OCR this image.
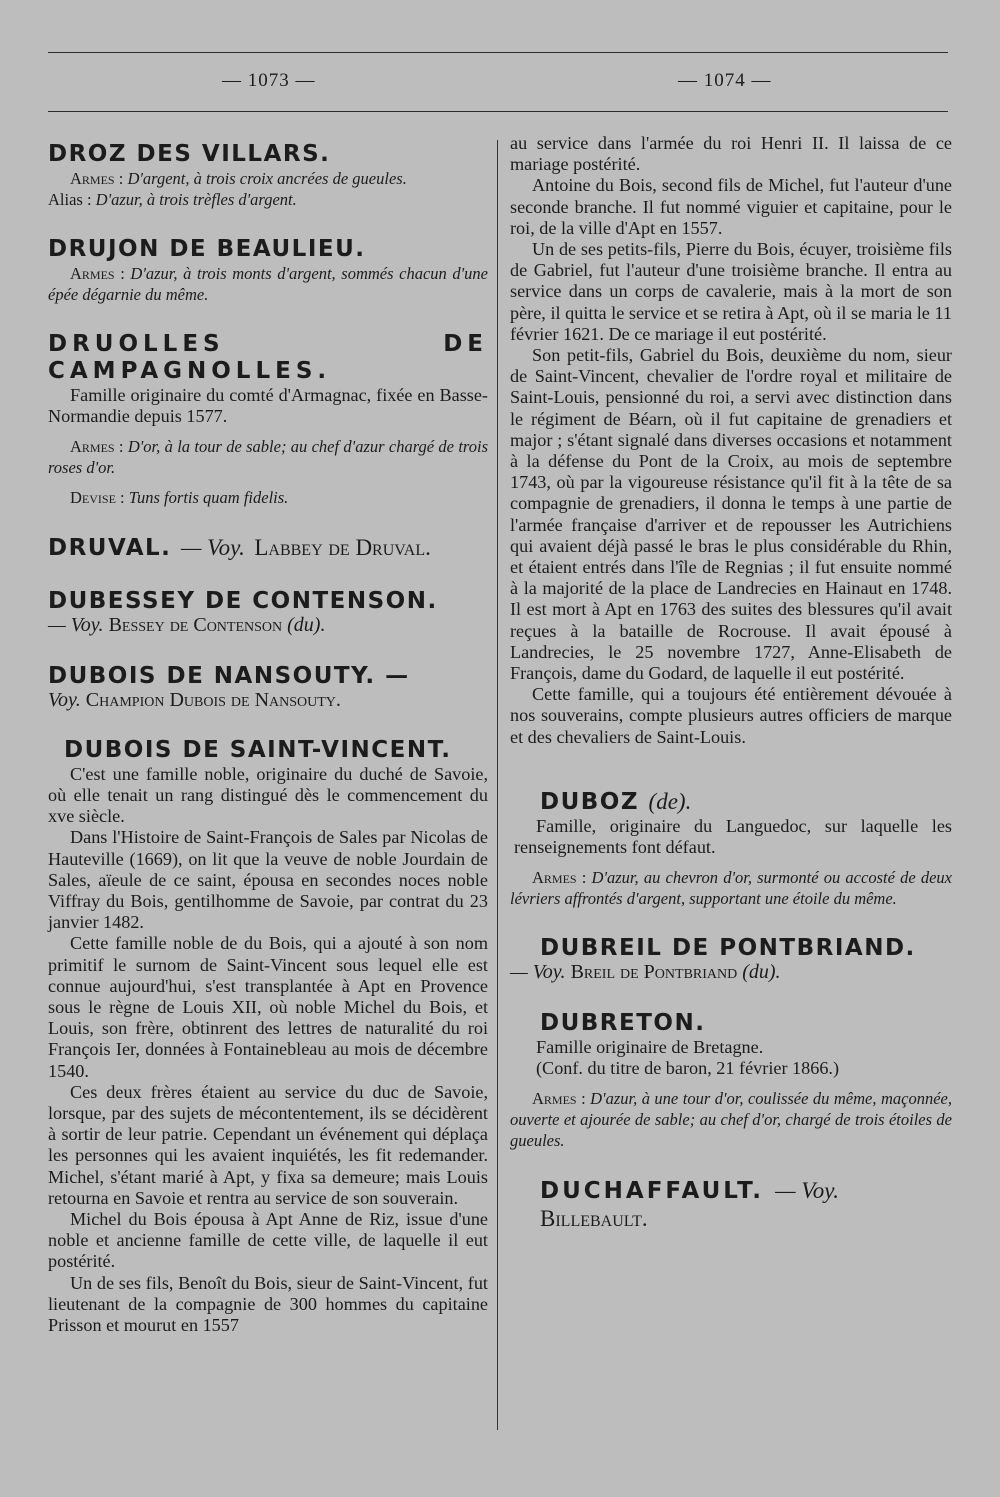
— 1073 —	— 1074 —
DROZ DES VILLARS.

Armes : D'argent, à trois croix ancrées de gueules.

Alias : D'azur, à trois trèfles d'argent.

DRUJON DE BEAULIEU.

Armes : D'azur, à trois monts d'argent, sommés chacun d'une épée dégarnie du même.

DRUOLLES DE CAMPAGNOLLES.

Famille originaire du comté d'Armagnac, fixée en Basse-Normandie depuis 1577.

Armes : D'or, à la tour de sable; au chef d'azur chargé de trois roses d'or.

Devise : Tuns fortis quam fidelis.

DRUVAL. — Voy. Labbey de Druval.
DUBESSEY DE CONTENSON.

— Voy. Bessey de Contenson (du).

DUBOIS DE NANSOUTY. —

Voy. Champion Dubois de Nansouty.

DUBOIS DE SAINT-VINCENT.

C'est une famille noble, originaire du duché de Savoie, où elle tenait un rang distingué dès le commencement du xve siècle.

Dans l'Histoire de Saint-François de Sales par Nicolas de Hauteville (1669), on lit que la veuve de noble Jourdain de Sales, aïeule de ce saint, épousa en secondes noces noble Viffray du Bois, gentilhomme de Savoie, par contrat du 23 janvier 1482.

Cette famille noble de du Bois, qui a ajouté à son nom primitif le surnom de Saint-Vincent sous lequel elle est connue aujourd'hui, s'est transplantée à Apt en Provence sous le règne de Louis XII, où noble Michel du Bois, et Louis, son frère, obtinrent des lettres de naturalité du roi François Ier, données à Fontainebleau au mois de décembre 1540.

Ces deux frères étaient au service du duc de Savoie, lorsque, par des sujets de mécontentement, ils se décidèrent à sortir de leur patrie. Cependant un événement qui déplaça les personnes qui les avaient inquiétés, les fit redemander. Michel, s'étant marié à Apt, y fixa sa demeure; mais Louis retourna en Savoie et rentra au service de son souverain.

Michel du Bois épousa à Apt Anne de Riz, issue d'une noble et ancienne famille de cette ville, de laquelle il eut postérité.

Un de ses fils, Benoît du Bois, sieur de Saint-Vincent, fut lieutenant de la compagnie de 300 hommes du capitaine Prisson et mourut en 1557

au service dans l'armée du roi Henri II. Il laissa de ce mariage postérité.

Antoine du Bois, second fils de Michel, fut l'auteur d'une seconde branche. Il fut nommé viguier et capitaine, pour le roi, de la ville d'Apt en 1557.

Un de ses petits-fils, Pierre du Bois, écuyer, troisième fils de Gabriel, fut l'auteur d'une troisième branche. Il entra au service dans un corps de cavalerie, mais à la mort de son père, il quitta le service et se retira à Apt, où il se maria le 11 février 1621. De ce mariage il eut postérité.

Son petit-fils, Gabriel du Bois, deuxième du nom, sieur de Saint-Vincent, chevalier de l'ordre royal et militaire de Saint-Louis, pensionné du roi, a servi avec distinction dans le régiment de Béarn, où il fut capitaine de grenadiers et major ; s'étant signalé dans diverses occasions et notamment à la défense du Pont de la Croix, au mois de septembre 1743, où par la vigoureuse résistance qu'il fit à la tête de sa compagnie de grenadiers, il donna le temps à une partie de l'armée française d'arriver et de repousser les Autrichiens qui avaient déjà passé le bras le plus considérable du Rhin, et étaient entrés dans l'île de Regnias ; il fut ensuite nommé à la majorité de la place de Landrecies en Hainaut en 1748. Il est mort à Apt en 1763 des suites des blessures qu'il avait reçues à la bataille de Rocrouse. Il avait épousé à Landrecies, le 25 novembre 1727, Anne-Elisabeth de François, dame du Godard, de laquelle il eut postérité.

Cette famille, qui a toujours été entièrement dévouée à nos souverains, compte plusieurs autres officiers de marque et des chevaliers de Saint-Louis.

DUBOZ (de).

Famille, originaire du Languedoc, sur laquelle les renseignements font défaut.

Armes : D'azur, au chevron d'or, surmonté ou accosté de deux lévriers affrontés d'argent, supportant une étoile du même.

DUBREIL DE PONTBRIAND.

— Voy. Breil de Pontbriand (du).

DUBRETON.

Famille originaire de Bretagne.

(Conf. du titre de baron, 21 février 1866.)

Armes : D'azur, à une tour d'or, coulissée du même, maçonnée, ouverte et ajourée de sable; au chef d'or, chargé de trois étoiles de gueules.

DUCHAFFAULT. — Voy. Billebault.
